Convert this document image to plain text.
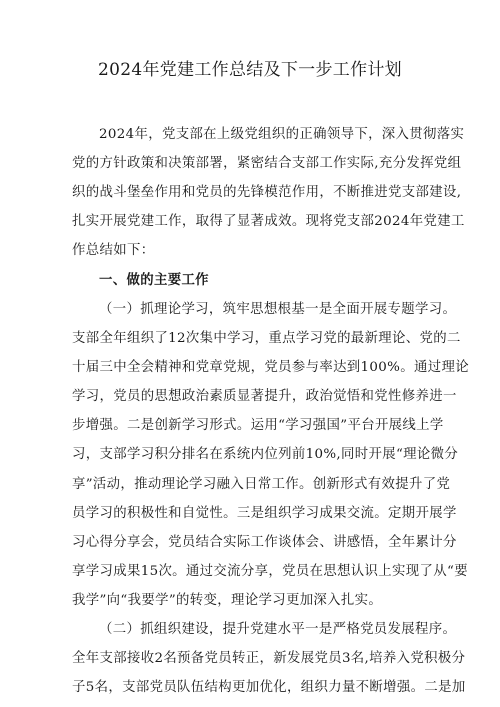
2024年党建工作总结及下一步工作计划
2024年，党支部在上级党组织的正确领导下，深入贯彻落实
党的方针政策和决策部署，紧密结合支部工作实际,充分发挥党组
织的战斗堡垒作用和党员的先锋模范作用，不断推进党支部建设,
扎实开展党建工作，取得了显著成效。现将党支部2024年党建工
作总结如下：
一、做的主要工作
（一）抓理论学习，筑牢思想根基一是全面开展专题学习。
支部全年组织了12次集中学习，重点学习党的最新理论、党的二
十届三中全会精神和党章党规，党员参与率达到100%。通过理论
学习，党员的思想政治素质显著提升，政治觉悟和党性修养进一
步增强。二是创新学习形式。运用“学习强国”平台开展线上学
习，支部学习积分排名在系统内位列前10%,同时开展“理论微分
享”活动，推动理论学习融入日常工作。创新形式有效提升了党
员学习的积极性和自觉性。三是组织学习成果交流。定期开展学
习心得分享会，党员结合实际工作谈体会、讲感悟，全年累计分
享学习成果15次。通过交流分享，党员在思想认识上实现了从“要
我学”向“我要学”的转变，理论学习更加深入扎实。
（二）抓组织建设，提升党建水平一是严格党员发展程序。
全年支部接收2名预备党员转正，新发展党员3名,培养入党积极分
子5名，支部党员队伍结构更加优化，组织力量不断增强。二是加
